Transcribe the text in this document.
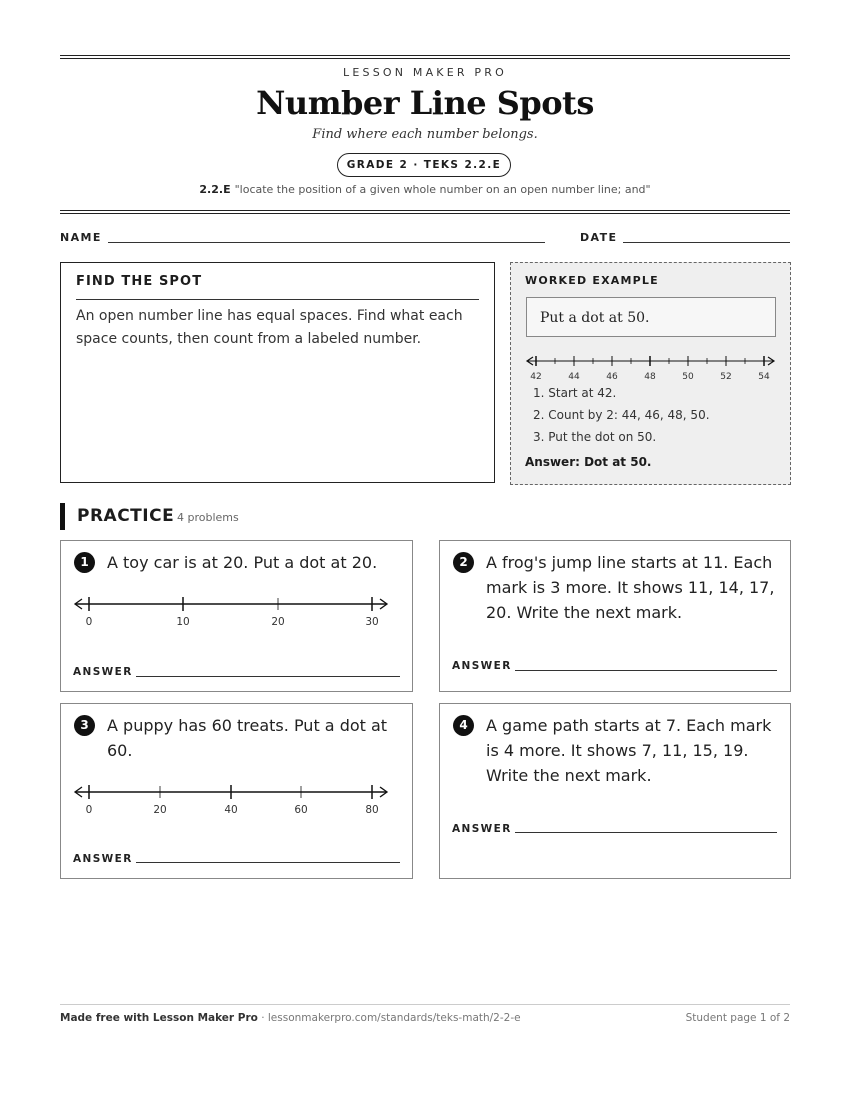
LESSON MAKER PRO
Number Line Spots
Find where each number belongs.
GRADE 2 · TEKS 2.2.E
2.2.E "locate the position of a given whole number on an open number line; and"
NAME	DATE
FIND THE SPOT
An open number line has equal spaces. Find what each space counts, then count from a labeled number.
WORKED EXAMPLE
Put a dot at 50.
42	44	46	48	50	52	54
1. Start at 42.
2. Count by 2: 44, 46, 48, 50.
3. Put the dot on 50.
Answer: Dot at 50.
PRACTICE 4 problems
1	A toy car is at 20. Put a dot at 20.
0	10	20	30
ANSWER
2	A frog's jump line starts at 11. Each mark is 3 more. It shows 11, 14, 17, 20. Write the next mark.
ANSWER
3	A puppy has 60 treats. Put a dot at 60.
0	20	40	60	80
ANSWER
4	A game path starts at 7. Each mark is 4 more. It shows 7, 11, 15, 19. Write the next mark.
ANSWER
Made free with Lesson Maker Pro · lessonmakerpro.com/standards/teks-math/2-2-e	Student page 1 of 2
